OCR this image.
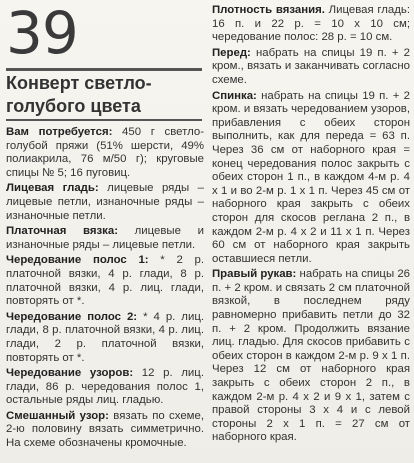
39
Конверт светло-голубого цвета

Вам потребуется: 450 г светло-голубой пряжи (51% шерсти, 49% полиакрила, 76 м/50 г); круговые спицы № 5; 16 пуговиц.

Лицевая гладь: лицевые ряды – лицевые петли, изнаночные ряды – изнаночные петли.

Платочная вязка: лицевые и изнаночные ряды – лицевые петли.

Чередование полос 1: * 2 р. платочной вязки, 4 р. глади, 8 р. платочной вязки, 4 р. лиц. глади, повторять от *.

Чередование полос 2: * 4 р. лиц. глади, 8 р. платочной вязки, 4 р. лиц. глади, 2 р. платочной вязки, повторять от *.

Чередование узоров: 12 р. лиц. глади, 86 р. чередования полос 1, остальные ряды лиц. гладью.

Смешанный узор: вязать по схеме, 2-ю половину вязать симметрично. На схеме обозначены кромочные.

Плотность вязания. Лицевая гладь: 16 п. и 22 р. = 10 х 10 см; чередование полос: 28 р. = 10 см.

Перед: набрать на спицы 19 п. + 2 кром., вязать и заканчивать согласно схеме.

Спинка: набрать на спицы 19 п. + 2 кром. и вязать чередованием узоров, прибавления с обеих сторон выполнить, как для переда = 63 п. Через 36 см от наборного края = конец чередования полос закрыть с обеих сторон 1 п., в каждом 4-м р. 4 х 1 и во 2-м р. 1 х 1 п. Через 45 см от наборного края закрыть с обеих сторон для скосов реглана 2 п., в каждом 2-м р. 4 х 2 и 11 х 1 п. Через 60 см от наборного края закрыть оставшиеся петли.

Правый рукав: набрать на спицы 26 п. + 2 кром. и связать 2 см платочной вязкой, в последнем ряду равномерно прибавить петли до 32 п. + 2 кром. Продолжить вязание лиц. гладью. Для скосов прибавить с обеих сторон в каждом 2-м р. 9 х 1 п. Через 12 см от наборного края закрыть с обеих сторон 2 п., в каждом 2-м р. 4 х 2 и 9 х 1, затем с правой стороны 3 х 4 и с левой стороны 2 х 1 п. = 27 см от наборного края.
